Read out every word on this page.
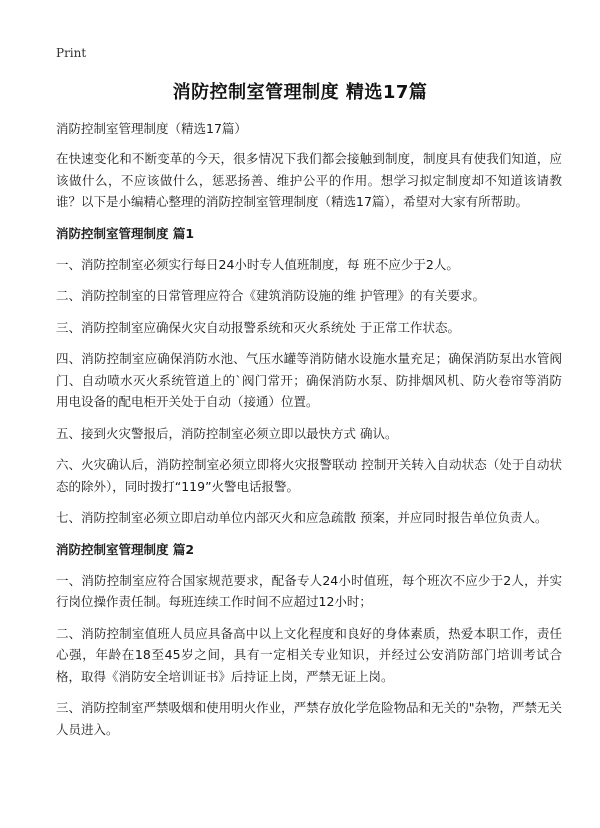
Print
消防控制室管理制度 精选17篇
消防控制室管理制度（精选17篇）
在快速变化和不断变革的今天，很多情况下我们都会接触到制度，制度具有使我们知道，应该做什么，不应该做什么，惩恶扬善、维护公平的作用。想学习拟定制度却不知道该请教谁？以下是小编精心整理的消防控制室管理制度（精选17篇），希望对大家有所帮助。
消防控制室管理制度 篇1
一、消防控制室必须实行每日24小时专人值班制度，每 班不应少于2人。
二、消防控制室的日常管理应符合《建筑消防设施的维 护管理》的有关要求。
三、消防控制室应确保火灾自动报警系统和灭火系统处 于正常工作状态。
四、消防控制室应确保消防水池、气压水罐等消防储水设施水量充足；确保消防泵出水管阀门、自动喷水灭火系统管道上的`阀门常开；确保消防水泵、防排烟风机、防火卷帘等消防用电设备的配电柜开关处于自动（接通）位置。
五、接到火灾警报后，消防控制室必须立即以最快方式 确认。
六、火灾确认后，消防控制室必须立即将火灾报警联动 控制开关转入自动状态（处于自动状态的除外），同时拨打“119”火警电话报警。
七、消防控制室必须立即启动单位内部灭火和应急疏散 预案，并应同时报告单位负责人。
消防控制室管理制度 篇2
一、消防控制室应符合国家规范要求，配备专人24小时值班，每个班次不应少于2人，并实行岗位操作责任制。每班连续工作时间不应超过12小时；
二、消防控制室值班人员应具备高中以上文化程度和良好的身体素质，热爱本职工作，责任心强，年龄在18至45岁之间，具有一定相关专业知识，并经过公安消防部门培训考试合格，取得《消防安全培训证书》后持证上岗，严禁无证上岗。
三、消防控制室严禁吸烟和使用明火作业，严禁存放化学危险物品和无关的"杂物，严禁无关人员进入。
